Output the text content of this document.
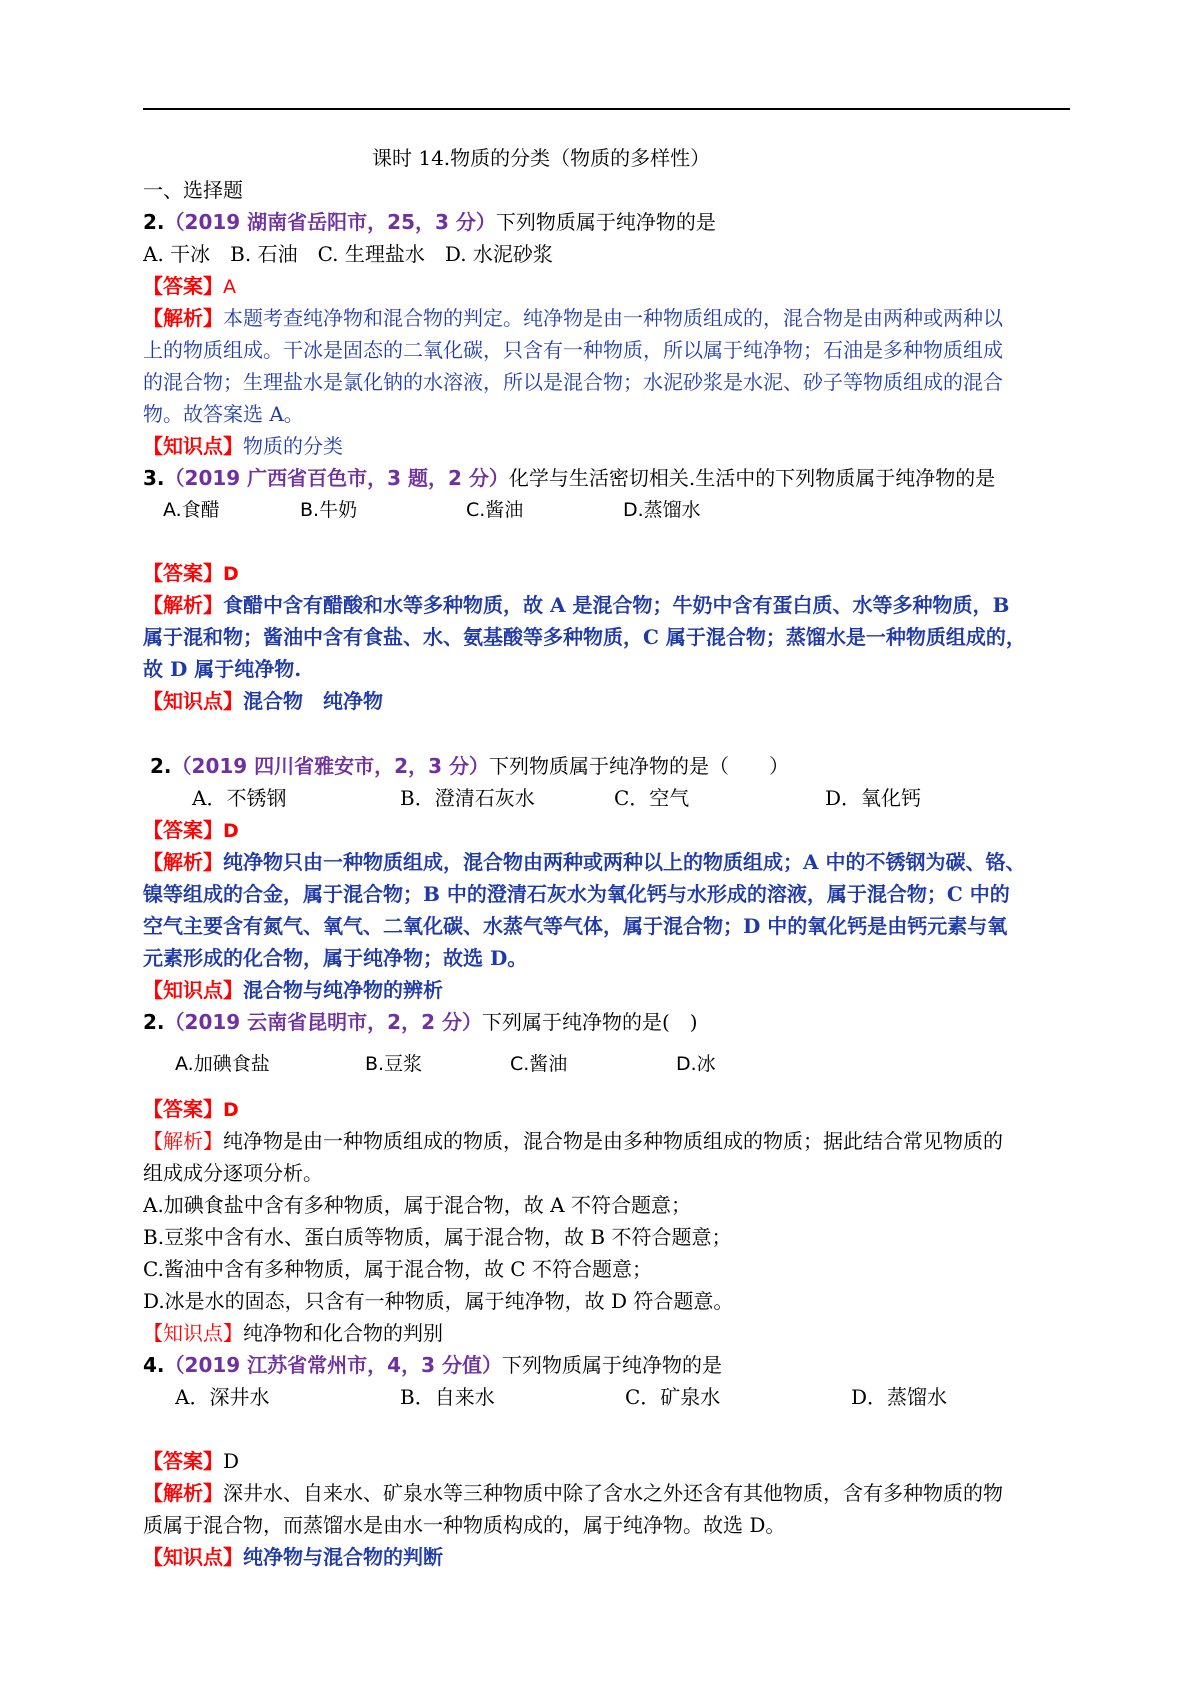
课时 14.物质的分类（物质的多样性）
一、选择题
2.（2019 湖南省岳阳市，25，3 分）下列物质属于纯净物的是
A. 干冰　B. 石油　C. 生理盐水　D. 水泥砂浆
【答案】A
【解析】本题考查纯净物和混合物的判定。纯净物是由一种物质组成的，混合物是由两种或两种以
上的物质组成。干冰是固态的二氧化碳，只含有一种物质，所以属于纯净物；石油是多种物质组成
的混合物；生理盐水是氯化钠的水溶液，所以是混合物；水泥砂浆是水泥、砂子等物质组成的混合
物。故答案选 A。
【知识点】物质的分类
3.（2019 广西省百色市，3 题，2 分）化学与生活密切相关.生活中的下列物质属于纯净物的是
A.食醋	B.牛奶	C.酱油	D.蒸馏水
【答案】D
【解析】食醋中含有醋酸和水等多种物质，故 A 是混合物；牛奶中含有蛋白质、水等多种物质，B
属于混和物；酱油中含有食盐、水、氨基酸等多种物质，C 属于混合物；蒸馏水是一种物质组成的，
故 D 属于纯净物.
【知识点】混合物　纯净物
2.（2019 四川省雅安市，2，3 分）下列物质属于纯净物的是（　　）
A．不锈钢	B．澄清石灰水	C．空气	D．氧化钙
【答案】D
【解析】纯净物只由一种物质组成，混合物由两种或两种以上的物质组成；A 中的不锈钢为碳、铬、
镍等组成的合金，属于混合物；B 中的澄清石灰水为氧化钙与水形成的溶液，属于混合物；C 中的
空气主要含有氮气、氧气、二氧化碳、水蒸气等气体，属于混合物；D 中的氧化钙是由钙元素与氧
元素形成的化合物，属于纯净物；故选 D。
【知识点】混合物与纯净物的辨析
2.（2019 云南省昆明市，2，2 分）下列属于纯净物的是(　)
A.加碘食盐	B.豆浆	C.酱油	D.冰
【答案】D
【解析】纯净物是由一种物质组成的物质，混合物是由多种物质组成的物质；据此结合常见物质的
组成成分逐项分析。
A.加碘食盐中含有多种物质，属于混合物，故 A 不符合题意；
B.豆浆中含有水、蛋白质等物质，属于混合物，故 B 不符合题意；
C.酱油中含有多种物质，属于混合物，故 C 不符合题意；
D.冰是水的固态，只含有一种物质，属于纯净物，故 D 符合题意。
【知识点】纯净物和化合物的判别
4.（2019 江苏省常州市，4，3 分值）下列物质属于纯净物的是
A．深井水	B．自来水	C．矿泉水	D．蒸馏水
【答案】D
【解析】深井水、自来水、矿泉水等三种物质中除了含水之外还含有其他物质，含有多种物质的物
质属于混合物，而蒸馏水是由水一种物质构成的，属于纯净物。故选 D。
【知识点】纯净物与混合物的判断
